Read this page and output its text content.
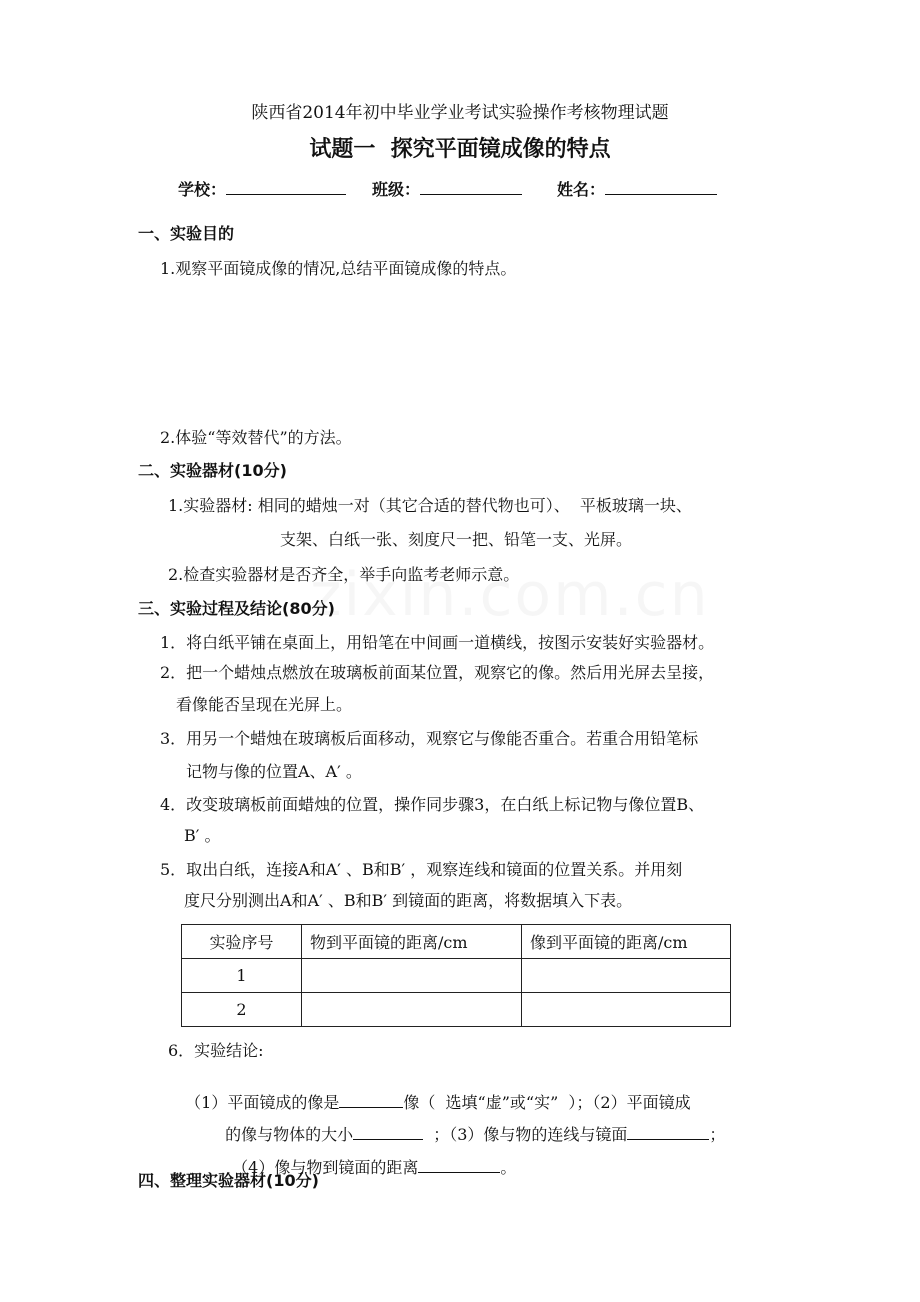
陕西省2014年初中毕业学业考试实验操作考核物理试题
试题一  探究平面镜成像的特点
学校：	班级：	姓名：
一、实验目的
1.观察平面镜成像的情况,总结平面镜成像的特点。
2.体验“等效替代”的方法。
二、实验器材(10分)
1.实验器材: 相同的蜡烛一对（其它合适的替代物也可）、  平板玻璃一块、
支架、白纸一张、刻度尺一把、铅笔一支、光屏。
2.检查实验器材是否齐全，举手向监考老师示意。
三、实验过程及结论(80分)
1．将白纸平铺在桌面上，用铅笔在中间画一道横线，按图示安装好实验器材。
2．把一个蜡烛点燃放在玻璃板前面某位置，观察它的像。然后用光屏去呈接，
看像能否呈现在光屏上。
3．用另一个蜡烛在玻璃板后面移动，观察它与像能否重合。若重合用铅笔标
记物与像的位置A、A′ 。
4．改变玻璃板前面蜡烛的位置，操作同步骤3，在白纸上标记物与像位置B、
B′ 。
5．取出白纸，连接A和A′ 、B和B′ ，观察连线和镜面的位置关系。并用刻
度尺分别测出A和A′ 、B和B′ 到镜面的距离，将数据填入下表。
实验序号	物到平面镜的距离/cm	像到平面镜的距离/cm
1		
2		
6．实验结论:

（1）平面镜成的像是	像（  选填“虚”或“实”  ）；（2）平面镜成

的像与物体的大小	；（3）像与物的连线与镜面	；

（4）像与物到镜面的距离	。

四、整理实验器材(10分)
